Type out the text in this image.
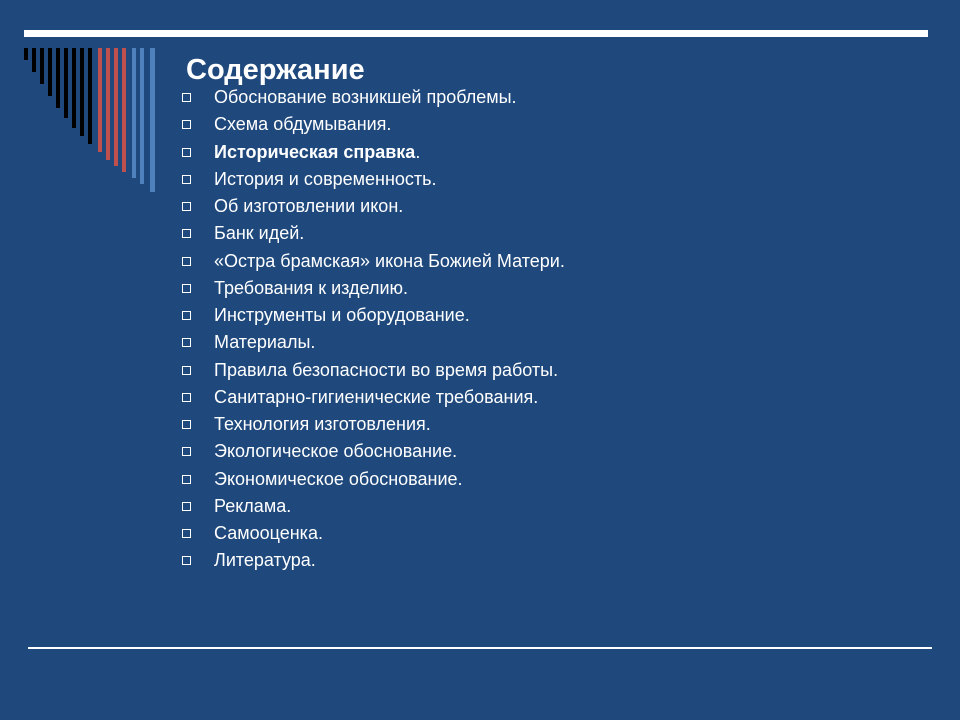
Содержание
Обоснование возникшей проблемы.
Схема обдумывания.
Историческая справка.
История и современность.
Об изготовлении икон.
Банк идей.
«Остра брамская» икона Божией Матери.
Требования к изделию.
Инструменты и оборудование.
Материалы.
Правила безопасности во время работы.
Санитарно-гигиенические требования.
Технология изготовления.
Экологическое обоснование.
Экономическое обоснование.
Реклама.
Самооценка.
Литература.
